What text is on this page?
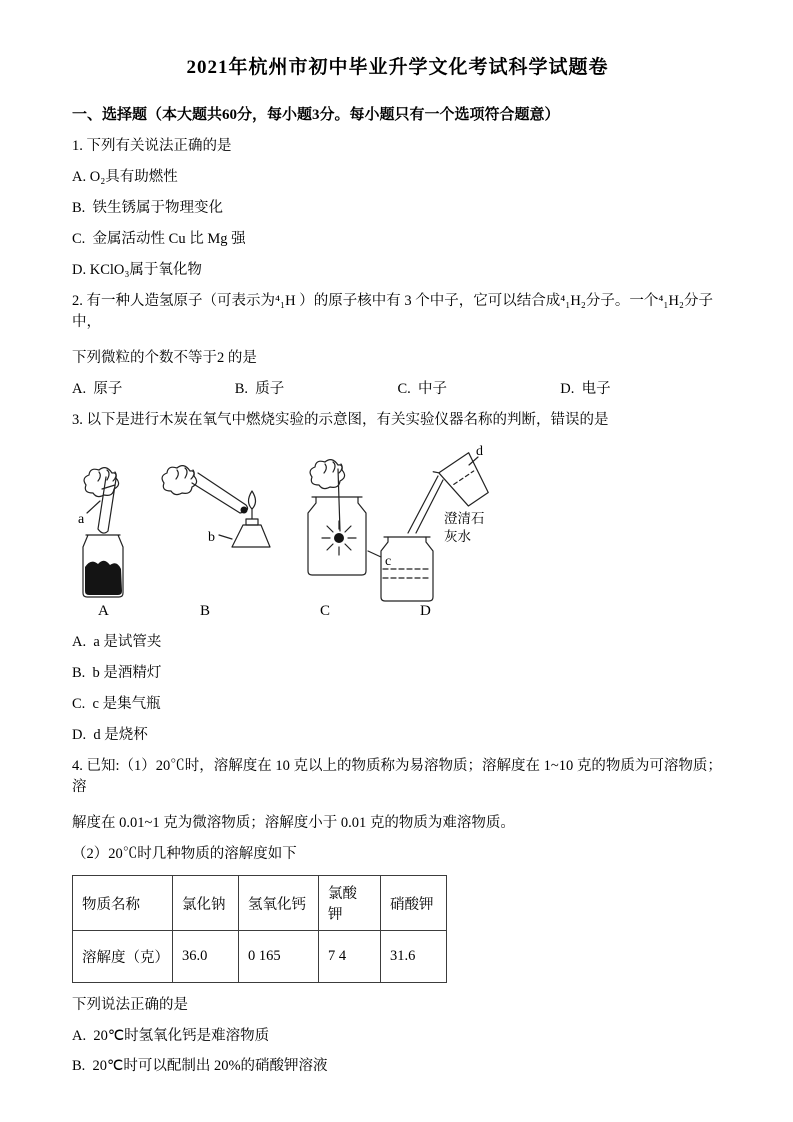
2021年杭州市初中毕业升学文化考试科学试题卷
一、选择题（本大题共60分，每小题3分。每小题只有一个选项符合题意）
1. 下列有关说法正确的是
A. O₂具有助燃性
B.  铁生锈属于物理变化
C.  金属活动性 Cu 比 Mg 强
D. KClO₃属于氧化物
2. 有一种人造氢原子（可表示为⁴₁H ）的原子核中有 3 个中子，它可以结合成⁴₁H₂分子。一个⁴₁H₂分子中，
下列微粒的个数不等于2 的是
A.  原子	B.  质子	C.  中子	D.  电子
3. 以下是进行木炭在氧气中燃烧实验的示意图，有关实验仪器名称的判断，错误的是
a
b
c
d
澄清石
灰水
A	B	C	D
A.  a 是试管夹
B.  b 是酒精灯
C.  c 是集气瓶
D.  d 是烧杯
4. 已知:（1）20℃时，溶解度在 10 克以上的物质称为易溶物质；溶解度在 1~10 克的物质为可溶物质；溶
解度在 0.01~1 克为微溶物质；溶解度小于 0.01 克的物质为难溶物质。
（2）20℃时几种物质的溶解度如下
物质名称	氯化钠	氢氧化钙	氯酸钾	硝酸钾
溶解度（克）	36.0	0 165	7 4	31.6
下列说法正确的是
A.  20℃时氢氧化钙是难溶物质
B.  20℃时可以配制出 20%的硝酸钾溶液
